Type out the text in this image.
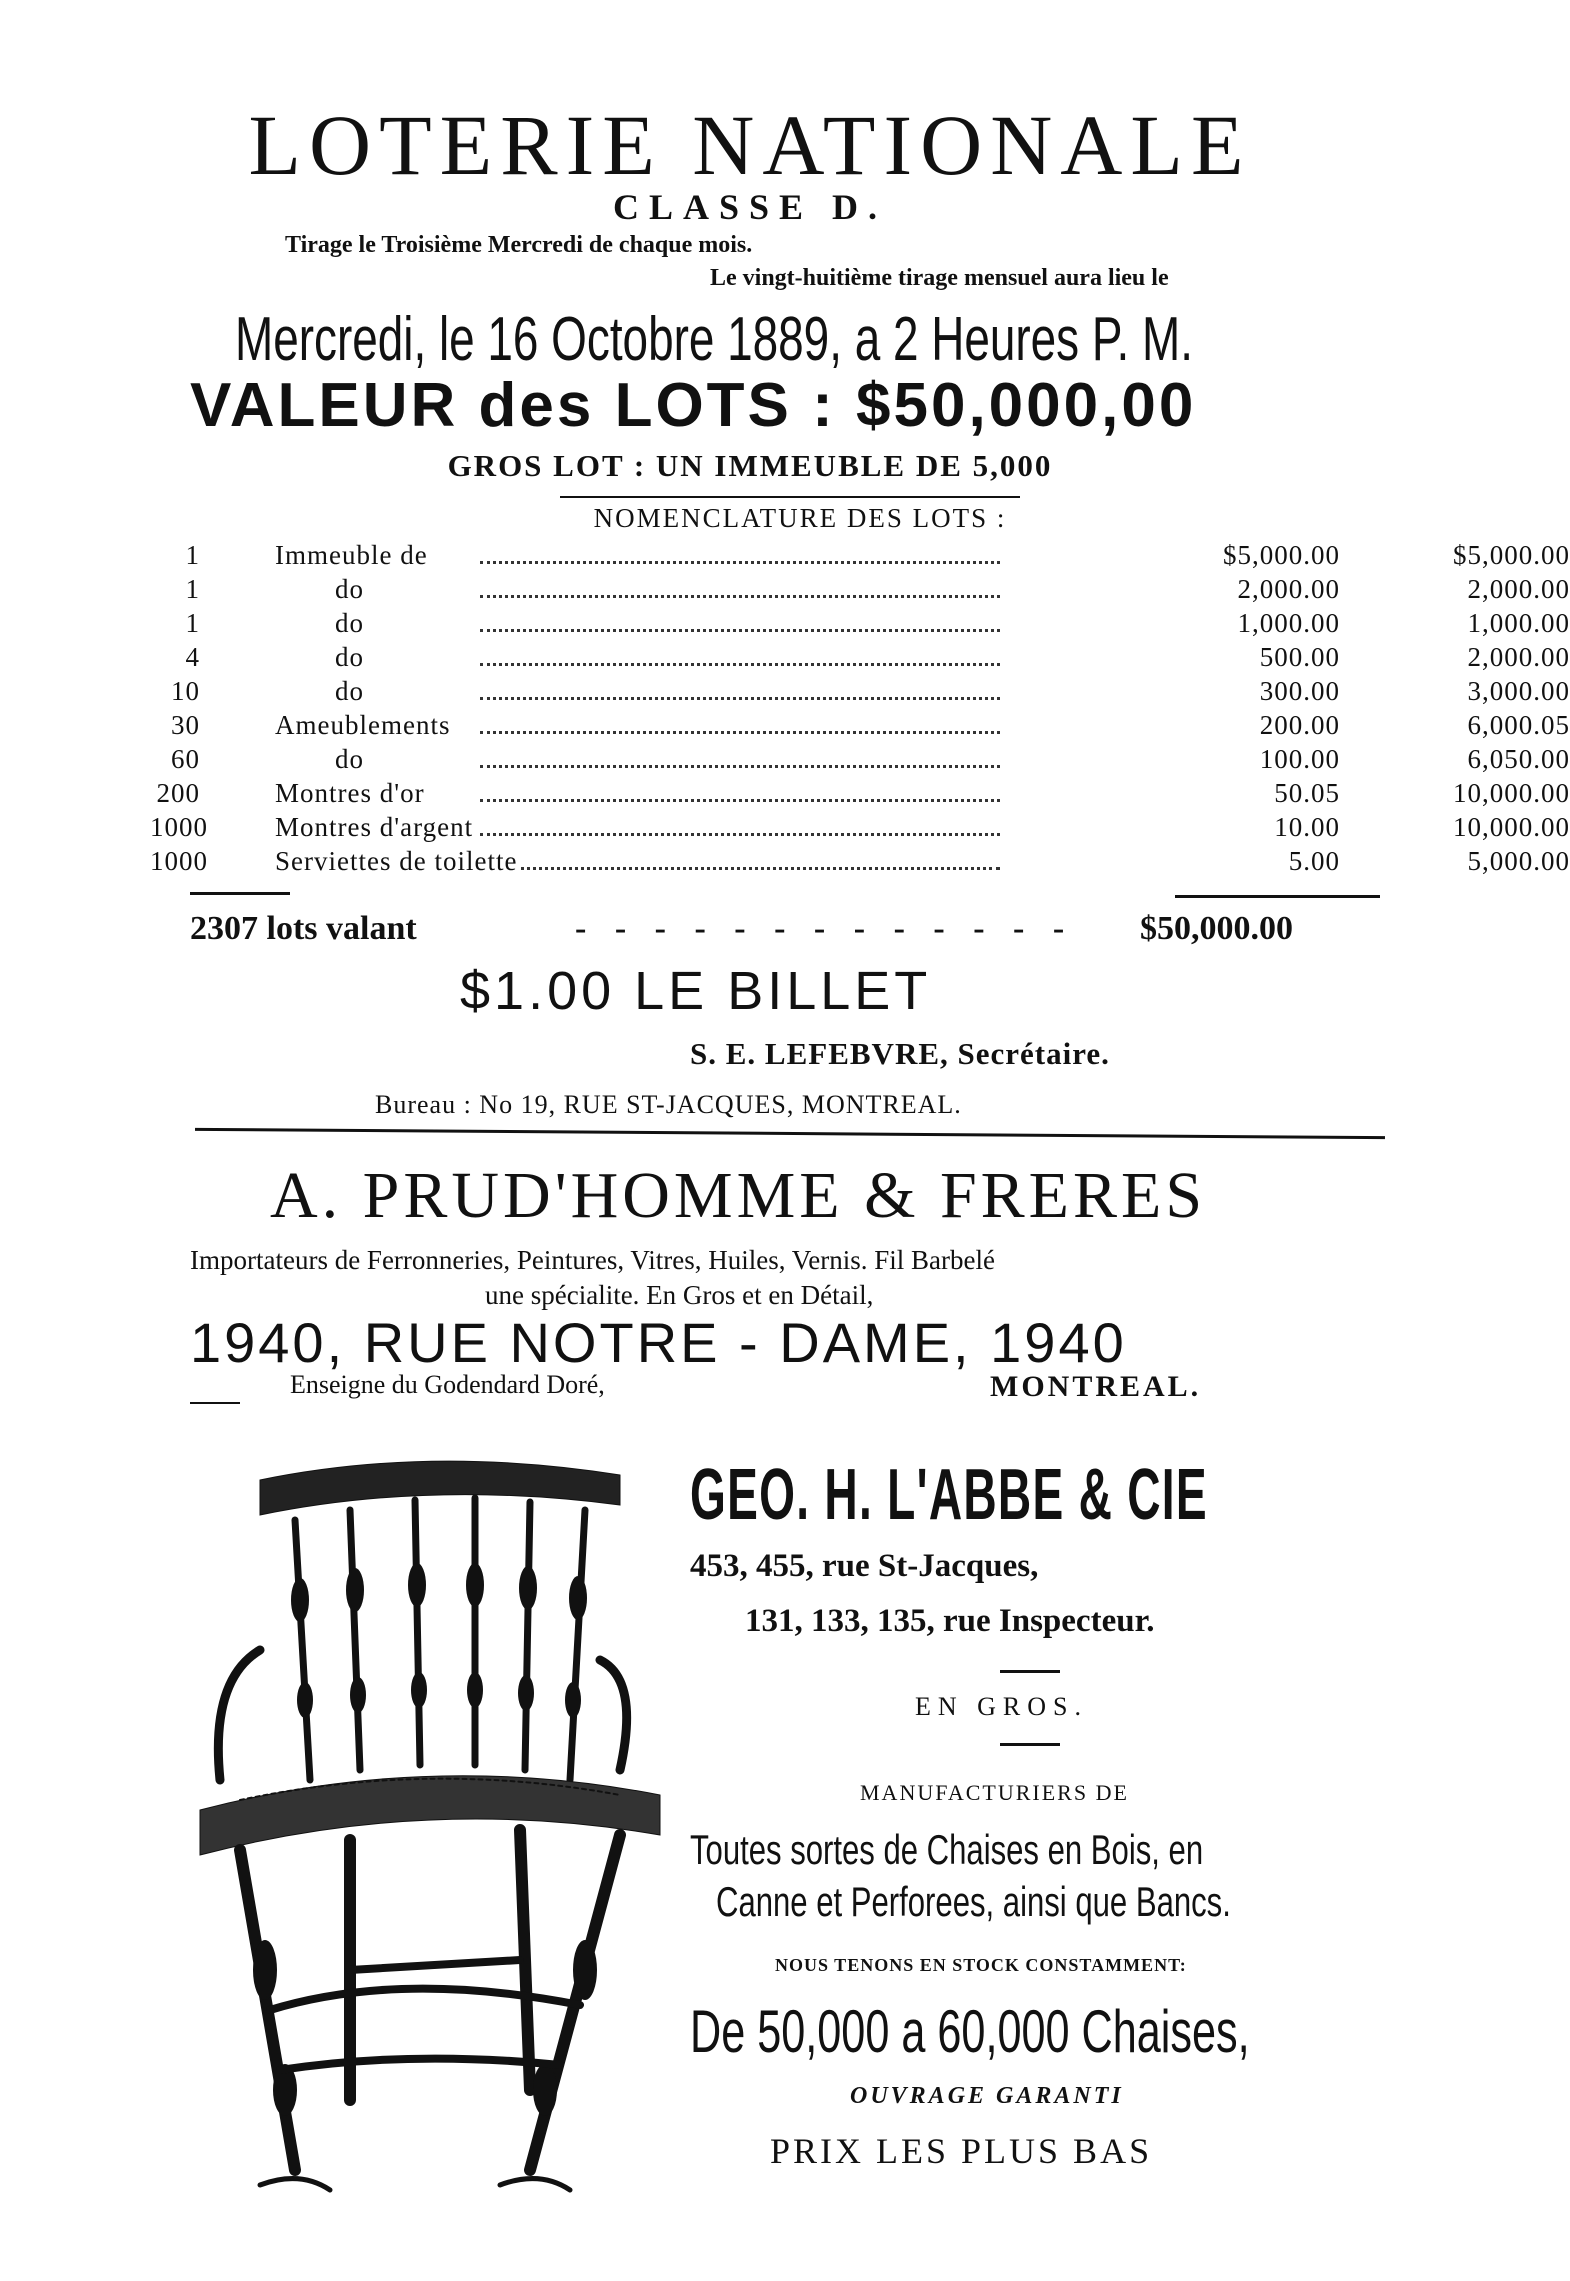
LOTERIE NATIONALE
CLASSE D.
Tirage le Troisième Mercredi de chaque mois.
Le vingt-huitième tirage mensuel aura lieu le
Mercredi, le 16 Octobre 1889, a 2 Heures P. M.
VALEUR des LOTS : $50,000,00
GROS LOT : UN IMMEUBLE DE 5,000
NOMENCLATURE DES LOTS :
1	Immeuble de	$5,000.00	$5,000.00
1	do	2,000.00	2,000.00
1	do	1,000.00	1,000.00
4	do	500.00	2,000.00
10	do	300.00	3,000.00
30	Ameublements	200.00	6,000.05
60	do	100.00	6,050.00
200	Montres d'or	50.05	10,000.00
1000 Montres d'argent	10.00	10,000.00
1000 Serviettes de toilette	5.00	5,000.00
2307 lots valant	- - - - - - - - - - - - - $50,000.00
$1.00 LE BILLET
S. E. LEFEBVRE, Secrétaire.
Bureau : No 19, RUE ST-JACQUES, MONTREAL.
A. PRUD'HOMME & FRERES
Importateurs de Ferronneries, Peintures, Vitres, Huiles, Vernis. Fil Barbelé
une spécialite. En Gros et en Détail,
1940, RUE NOTRE - DAME, 1940
Enseigne du Godendard Doré,	MONTREAL.
GEO. H. L'ABBE & CIE
453, 455, rue St-Jacques,
131, 133, 135, rue Inspecteur.
EN GROS.
MANUFACTURIERS DE
Toutes sortes de Chaises en Bois, en
Canne et Perforees, ainsi que Bancs.
NOUS TENONS EN STOCK CONSTAMMENT:
De 50,000 a 60,000 Chaises,
OUVRAGE GARANTI
PRIX LES PLUS BAS
